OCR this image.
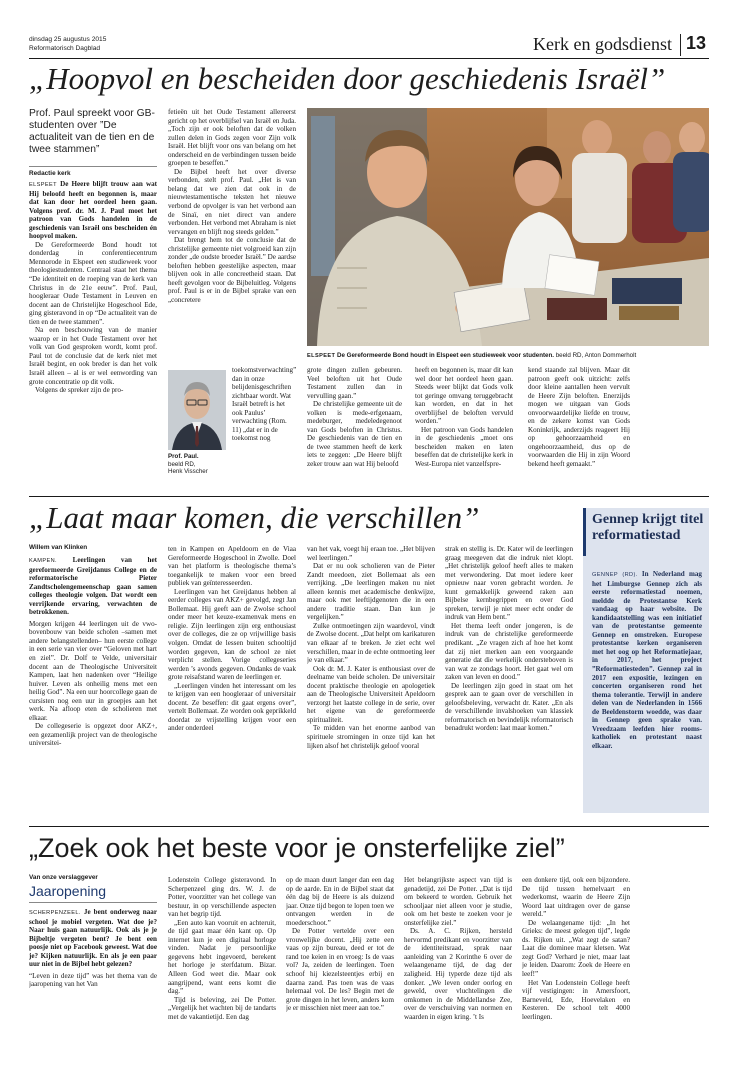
dinsdag 25 augustus 2015
Reformatorisch Dagblad	Kerk en godsdienst 13
„Hoopvol en bescheiden door geschiedenis Israël”
Prof. Paul spreekt voor GB-studenten over ”De actualiteit van de tien en de twee stammen”
Redactie kerk

ELSPEET De Heere blijft trouw aan wat Hij beloofd heeft en begonnen is, maar dat kan door het oordeel heen gaan. Volgens prof. dr. M. J. Paul moet het patroon van Gods handelen in de geschiedenis van Israël ons bescheiden én hoopvol maken.

De Gereformeerde Bond houdt tot donderdag in conferentiecentrum Mennorode in Elspeet een studieweek voor theologiestudenten. Centraal staat het thema “De identiteit en de roeping van de kerk van Christus in de 21e eeuw”. Prof. Paul, hoogleraar Oude Testament in Leuven en docent aan de Christelijke Hogeschool Ede, ging gisteravond in op “De actualiteit van de tien en de twee stammen”.

Na een beschouwing van de manier waarop er in het Oude Testament over het volk van God gesproken wordt, komt prof. Paul tot de conclusie dat de kerk niet met Israël begint, en ook breder is dan het volk Israël alleen – al is er wel eenwording van grote concentratie op dit volk.

Volgens de spreker zijn de pro-

fetieën uit het Oude Testament allereerst gericht op het overblijfsel van Israël en Juda. „Toch zijn er ook beloften dat de volken zullen delen in Gods zegen voor Zijn volk Israël. Het blijft voor ons van belang om het onderscheid en de verbindingen tussen beide groepen te beseffen.”

De Bijbel heeft het over diverse verbonden, stelt prof. Paul. „Het is van belang dat we zien dat ook in de nieuwtestamentische teksten het nieuwe verbond de opvolger is van het verbond aan de Sinaï, en niet direct van andere verbonden. Het verbond met Abraham is niet vervangen en blijft nog steeds gelden.”

Dat brengt hem tot de conclusie dat de christelijke gemeente niet volgroeid kan zijn zonder „de oudste broeder Israël.” De aardse beloften hebben geestelijke aspecten, maar blijven ook in alle concreetheid staan. Dat heeft gevolgen voor de Bijbeluitleg. Volgens prof. Paul is er in de Bijbel sprake van een „concretere

Prof. Paul.
beeld RD,
Henk Visscher

toekomstverwachting” dan in onze belijdenisgeschriften zichtbaar wordt. Wat Israël betreft is het ook Paulus’ verwachting (Rom. 11) „dat er in de toekomst nog

ELSPEET De Gereformeerde Bond houdt in Elspeet een studieweek voor studenten. beeld RD, Anton Dommerholt

grote dingen zullen gebeuren. Veel beloften uit het Oude Testament zullen dan in vervulling gaan.”

De christelijke gemeente uit de volken is mede-erfgenaam, medeburger, medeledegenoot van Gods beloften in Christus. De geschiedenis van de tien en de twee stammen heeft de kerk iets te zeggen: „De Heere blijft zeker trouw aan wat Hij beloofd

heeft en begonnen is, maar dit kan wel door het oordeel heen gaan. Steeds weer blijkt dat Gods volk tot geringe omvang teruggebracht kan worden, en dat in het overblijfsel de beloften vervuld worden.”

Het patroon van Gods handelen in de geschiedenis „moet ons bescheiden maken en laten beseffen dat de christelijke kerk in West-Europa niet vanzelfspre-

kend staande zal blijven. Maar dit patroon geeft ook uitzicht: zelfs door kleine aantallen heen vervult de Heere Zijn beloften. Enerzijds mogen we uitgaan van Gods onvoorwaardelijke liefde en trouw, en de zekere komst van Gods Koninkrijk, anderzijds reageert Hij op gehoorzaamheid en ongehoorzaamheid, dus op de voorwaarden die Hij in zijn Woord bekend heeft gemaakt.”

„Laat maar komen, die verschillen”
Willem van Klinken

KAMPEN. Leerlingen van het gereformeerde Greijdanus College en de reformatorische Pieter Zandtscholengemeenschap gaan samen colleges theologie volgen. Dat wordt een verrijkende ervaring, verwachten de betrokkenen.

Morgen krijgen 44 leerlingen uit de vwo-bovenbouw van beide scholen –samen met andere belangstellenden– hun eerste college in een serie van vier over “Geloven met hart en ziel”. Dr. Dolf te Velde, universitair docent aan de Theologische Universiteit Kampen, laat hen nadenken over “Heilige huiver. Leven als onheilig mens met een heilig God”. Na een uur hoorcollege gaan de cursisten nog een uur in groepjes aan het werk. Na afloop eten de scholieren met elkaar.

De collegeserie is opgezet door AKZ+, een gezamenlijk project van de theologische universitei-

ten in Kampen en Apeldoorn en de Viaa Gereformeerde Hogeschool in Zwolle. Doel van het platform is theologische thema’s toegankelijk te maken voor een breed publiek van geïnteresseerden.

Leerlingen van het Greijdanus hebben al eerder colleges van AKZ+ gevolgd, zegt Jan Bollemaat. Hij geeft aan de Zwolse school onder meer het keuze-examenvak mens en religie. Zijn leerlingen zijn erg enthousiast over de colleges, die ze op vrijwillige basis volgen. Omdat de lessen buiten schooltijd worden gegeven, kan de school ze niet verplicht stellen. Vorige collegeseries werden ’s avonds gegeven. Ondanks de vaak grote reisafstand waren de leerlingen er.

„Leerlingen vinden het interessant om les te krijgen van een hoogleraar of universitair docent. Ze beseffen: dit gaat ergens over”, vertelt Bollemaat. Ze worden ook geprikkeld doordat ze vrijstelling krijgen voor een ander onderdeel

van het vak, voegt hij eraan toe. „Het blijven wel leerlingen.”

Dat er nu ook scholieren van de Pieter Zandt meedoen, ziet Bollemaat als een verrijking. „De leerlingen maken nu niet alleen kennis met academische denkwijze, maar ook met leeftijdgenoten die in een andere traditie staan. Dan kun je vergelijken.”

Zulke ontmoetingen zijn waardevol, vindt de Zwolse docent. „Dat helpt om karikaturen van elkaar af te breken. Je ziet echt wel verschillen, maar in de echte ontmoeting leer je van elkaar.”

Ook dr. M. J. Kater is enthousiast over de deelname van beide scholen. De universitair docent praktische theologie en apologetiek aan de Theologische Universiteit Apeldoorn verzorgt het laatste college in de serie, over het eigene van de gereformeerde spiritualiteit.

Te midden van het enorme aanbod van spirituele stromingen in onze tijd kan het lijken alsof het christelijk geloof vooral

strak en stellig is. Dr. Kater wil de leerlingen graag meegeven dat die indruk niet klopt. „Het christelijk geloof heeft alles te maken met verwondering. Dat moet iedere keer opnieuw naar voren gebracht worden. Je kunt gemakkelijk geweend raken aan Bijbelse kernbegrippen en over God spreken, terwijl je niet meer echt onder de indruk van Hem bent.”

Het thema leeft onder jongeren, is de indruk van de christelijke gereformeerde predikant. „Ze vragen zich af hoe het komt dat zij niet merken aan een voorgaande generatie dat die werkelijk ondersteboven is van wat ze zondags hoort. Het gaat wel om zaken van leven en dood.”

De leerlingen zijn goed in staat om het gesprek aan te gaan over de verschillen in geloofsbeleving, verwacht dr. Kater. „En als de verschillende invalshoeken van klassiek reformatorisch en bevindelijk reformatorisch benadrukt worden: laat maar komen.”

Gennep krijgt titel reformatiestad

GENNEP (RD). In Nederland mag het Limburgse Gennep zich als eerste reformatiestad noemen, meldde de Protestantse Kerk vandaag op haar website. De kandidaatstelling was een initiatief van de protestantse gemeente Gennep en omstreken. Europese protestantse kerken organiseren met het oog op het Reformatiejaar, in 2017, het project ”Reformatiesteden”. Gennep zal in 2017 een expositie, lezingen en concerten organiseren rond het thema tolerantie. Terwijl in andere delen van de Nederlanden in 1566 de Beeldenstorm woedde, was daar in Gennep geen sprake van. Vreedzaam leefden hier rooms-katholiek en protestant naast elkaar.

„Zoek ook het beste voor je onsterfelijke ziel”
Van onze verslaggever
Jaaropening

SCHERPENZEEL. Je bent onderweg naar school je mobiel vergeten. Wat doe je? Naar huis gaan natuurlijk. Ook als je je Bijbeltje vergeten bent? Je bent een poosje niet op Facebook geweest. Wat doe je? Kijken natuurlijk. En als je een paar uur niet in de Bijbel hebt gelezen?

“Leven in deze tijd” was het thema van de jaaropening van het Van

Lodenstein College gisteravond. In Scherpenzeel ging drs. W. J. de Potter, voorzitter van het college van bestuur, in op verschillende aspecten van het begrip tijd.

„Een auto kan vooruit en achteruit, de tijd gaat maar één kant op. Op internet kun je een digitaal horloge vinden. Nadat je persoonlijke gegevens hebt ingevoerd, berekent het horloge je sterfdatum. Bizar. Alleen God weet die. Maar ook aangrijpend, want eens komt die dag.”

Tijd is beleving, zei De Potter. „Vergelijk het wachten bij de tandarts met de vakantietijd. Een dag

op de maan duurt langer dan een dag op de aarde. En in de Bijbel staat dat één dag bij de Heere is als duizend jaar. Onze tijd begon te lopen toen we ontvangen werden in de moederschoot.”

De Potter vertelde over een vrouwelijke docent. „Hij zette een vaas op zijn bureau, deed er tot de rand toe keien in en vroeg: Is de vaas vol? Ja, zeiden de leerlingen. Toen schoof hij kiezelsteentjes erbij en daarna zand. Pas toen was de vaas helemaal vol. De les? Begin met de grote dingen in het leven, anders kom je er misschien niet meer aan toe.”

Het belangrijkste aspect van tijd is genadetijd, zei De Potter. „Dat is tijd om bekeerd te worden. Gebruik het schooljaar niet alleen voor je studie, ook om het beste te zoeken voor je onsterfelijke ziel.”

Ds. A. C. Rijken, hersteld hervormd predikant en voorzitter van de identiteitsraad, sprak naar aanleiding van 2 Korinthe 6 over de welaangename tijd, de dag der zaligheid. Hij typerde deze tijd als donker. „We leven onder oorlog en geweld, over vluchtelingen die omkomen in de Middellandse Zee, over de verschuiving van normen en waarden in eigen kring. ’t Is

een donkere tijd, ook een bijzondere. De tijd tussen hemelvaart en wederkomst, waarin de Heere Zijn Woord laat uitdragen over de ganse wereld.”

De welaangename tijd: „In het Grieks: de meest gelegen tijd”, legde ds. Rijken uit. „Wat zegt de satan? Laat die dominee maar kletsen. Wat zegt God? Verhard je niet, maar laat je leiden. Daarom: Zoek de Heere en leef!”

Het Van Lodenstein College heeft vijf vestigingen: in Amersfoort, Barneveld, Ede, Hoevelaken en Kesteren. De school telt 4000 leerlingen.
